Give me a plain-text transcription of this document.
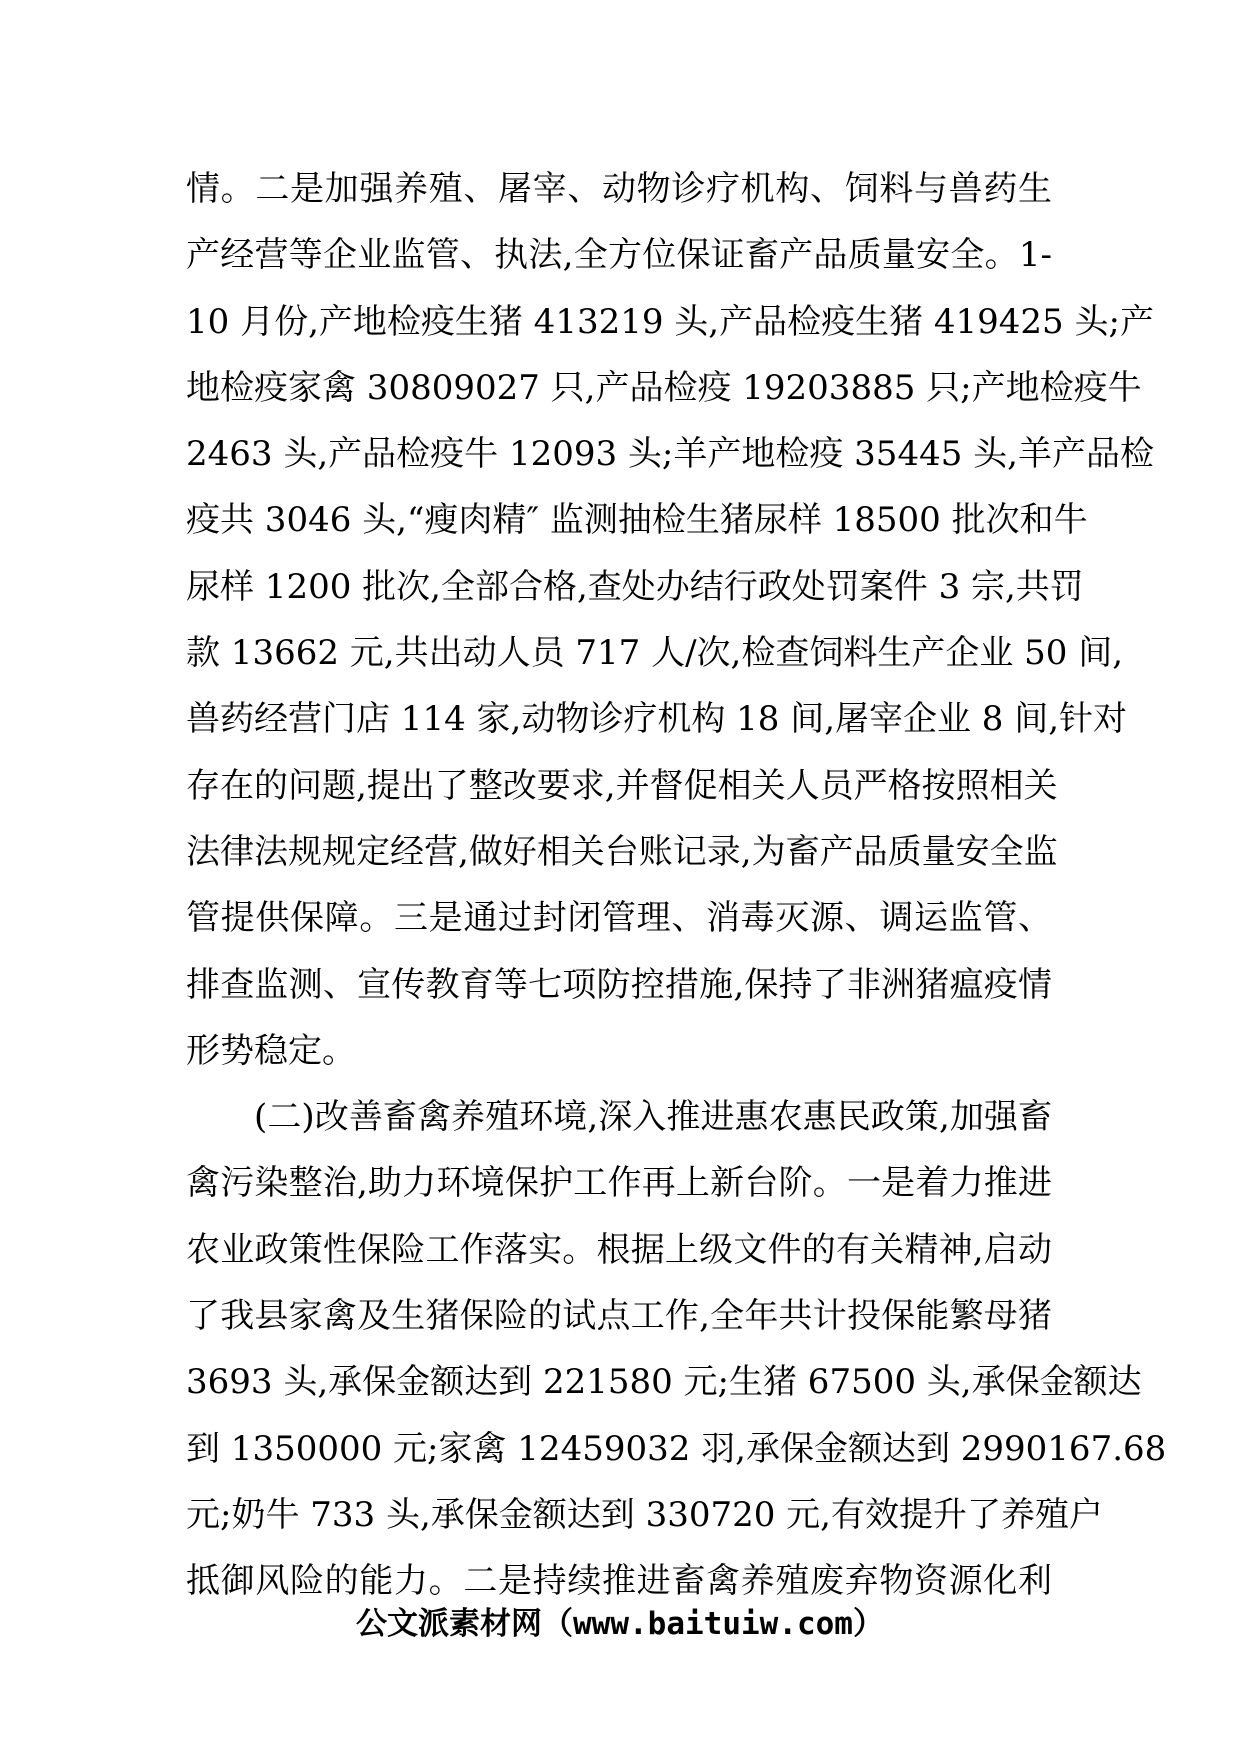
情。二是加强养殖、屠宰、动物诊疗机构、饲料与兽药生
产经营等企业监管、执法,全方位保证畜产品质量安全。1-
10 月份,产地检疫生猪 413219 头,产品检疫生猪 419425 头;产
地检疫家禽 30809027 只,产品检疫 19203885 只;产地检疫牛
2463 头,产品检疫牛 12093 头;羊产地检疫 35445 头,羊产品检
疫共 3046 头,“瘦肉精″ 监测抽检生猪尿样 18500 批次和牛
尿样 1200 批次,全部合格,查处办结行政处罚案件 3 宗,共罚
款 13662 元,共出动人员 717 人/次,检查饲料生产企业 50 间,
兽药经营门店 114 家,动物诊疗机构 18 间,屠宰企业 8 间,针对
存在的问题,提出了整改要求,并督促相关人员严格按照相关
法律法规规定经营,做好相关台账记录,为畜产品质量安全监
管提供保障。三是通过封闭管理、消毒灭源、调运监管、
排查监测、宣传教育等七项防控措施,保持了非洲猪瘟疫情
形势稳定。
(二)改善畜禽养殖环境,深入推进惠农惠民政策,加强畜
禽污染整治,助力环境保护工作再上新台阶。一是着力推进
农业政策性保险工作落实。根据上级文件的有关精神,启动
了我县家禽及生猪保险的试点工作,全年共计投保能繁母猪
3693 头,承保金额达到 221580 元;生猪 67500 头,承保金额达
到 1350000 元;家禽 12459032 羽,承保金额达到 2990167.68
元;奶牛 733 头,承保金额达到 330720 元,有效提升了养殖户
抵御风险的能力。二是持续推进畜禽养殖废弃物资源化利
公文派素材网（www.baituiw.com）
